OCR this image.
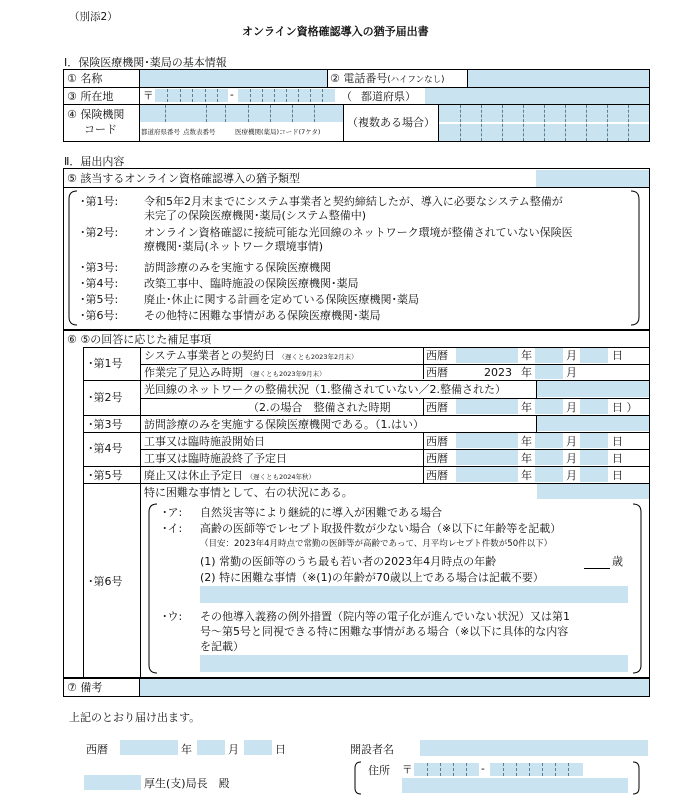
（別添2）
オンライン資格確認導入の猶予届出書
Ⅰ．保険医療機関･薬局の基本情報
① 名称	② 電話番号(ハイフンなし)
③ 所在地	〒	-	（ 都道府県）
④ 保険機関
コード	都道府県番号 点数表番号	医療機関(薬局)コード(7ケタ)
（複数ある場合）
Ⅱ．届出内容
⑤ 該当するオンライン資格確認導入の猶予類型
･第1号: 令和5年2月末までにシステム事業者と契約締結したが、導入に必要なシステム整備が
未完了の保険医療機関･薬局(システム整備中)
･第2号: オンライン資格確認に接続可能な光回線のネットワーク環境が整備されていない保険医
療機関･薬局(ネットワーク環境事情)
･第3号: 訪問診療のみを実施する保険医療機関
･第4号: 改築工事中、臨時施設の保険医療機関･薬局
･第5号: 廃止･休止に関する計画を定めている保険医療機関･薬局
･第6号: その他特に困難な事情がある保険医療機関･薬局
⑥ ⑤の回答に応じた補足事項
･第1号
システム事業者との契約日 （遅くとも2023年2月末）	西暦	年	月	日
作業完了見込み時期 （遅くとも2023年9月末）	西暦	2023 年	月
･第2号
光回線のネットワークの整備状況（1.整備されていない／2.整備された）
（2.の場合　整備された時期	西暦	年	月	日 ）
･第3号 訪問診療のみを実施する保険医療機関である。（1.はい）
･第4号
工事又は臨時施設開始日	西暦	年	月	日
工事又は臨時施設終了予定日	西暦	年	月	日
･第5号 廃止又は休止予定日 （遅くとも2024年秋）	西暦	年	月	日
･第6号
特に困難な事情として、右の状況にある。
･ア: 自然災害等により継続的に導入が困難である場合
･イ: 高齢の医師等でレセプト取扱件数が少ない場合（※以下に年齢等を記載）
（目安：2023年4月時点で常勤の医師等が高齢であって、月平均レセプト件数が50件以下）
(1) 常勤の医師等のうち最も若い者の2023年4月時点の年齢	歳
(2) 特に困難な事情（※(1)の年齢が70歳以上である場合は記載不要）
･ウ: その他導入義務の例外措置（院内等の電子化が進んでいない状況）又は第1
号～第5号と同視できる特に困難な事情がある場合（※以下に具体的な内容
を記載）
⑦ 備考
上記のとおり届け出ます。
西暦	年	月	日	開設者名
住所 〒	-
厚生(支)局長　殿
